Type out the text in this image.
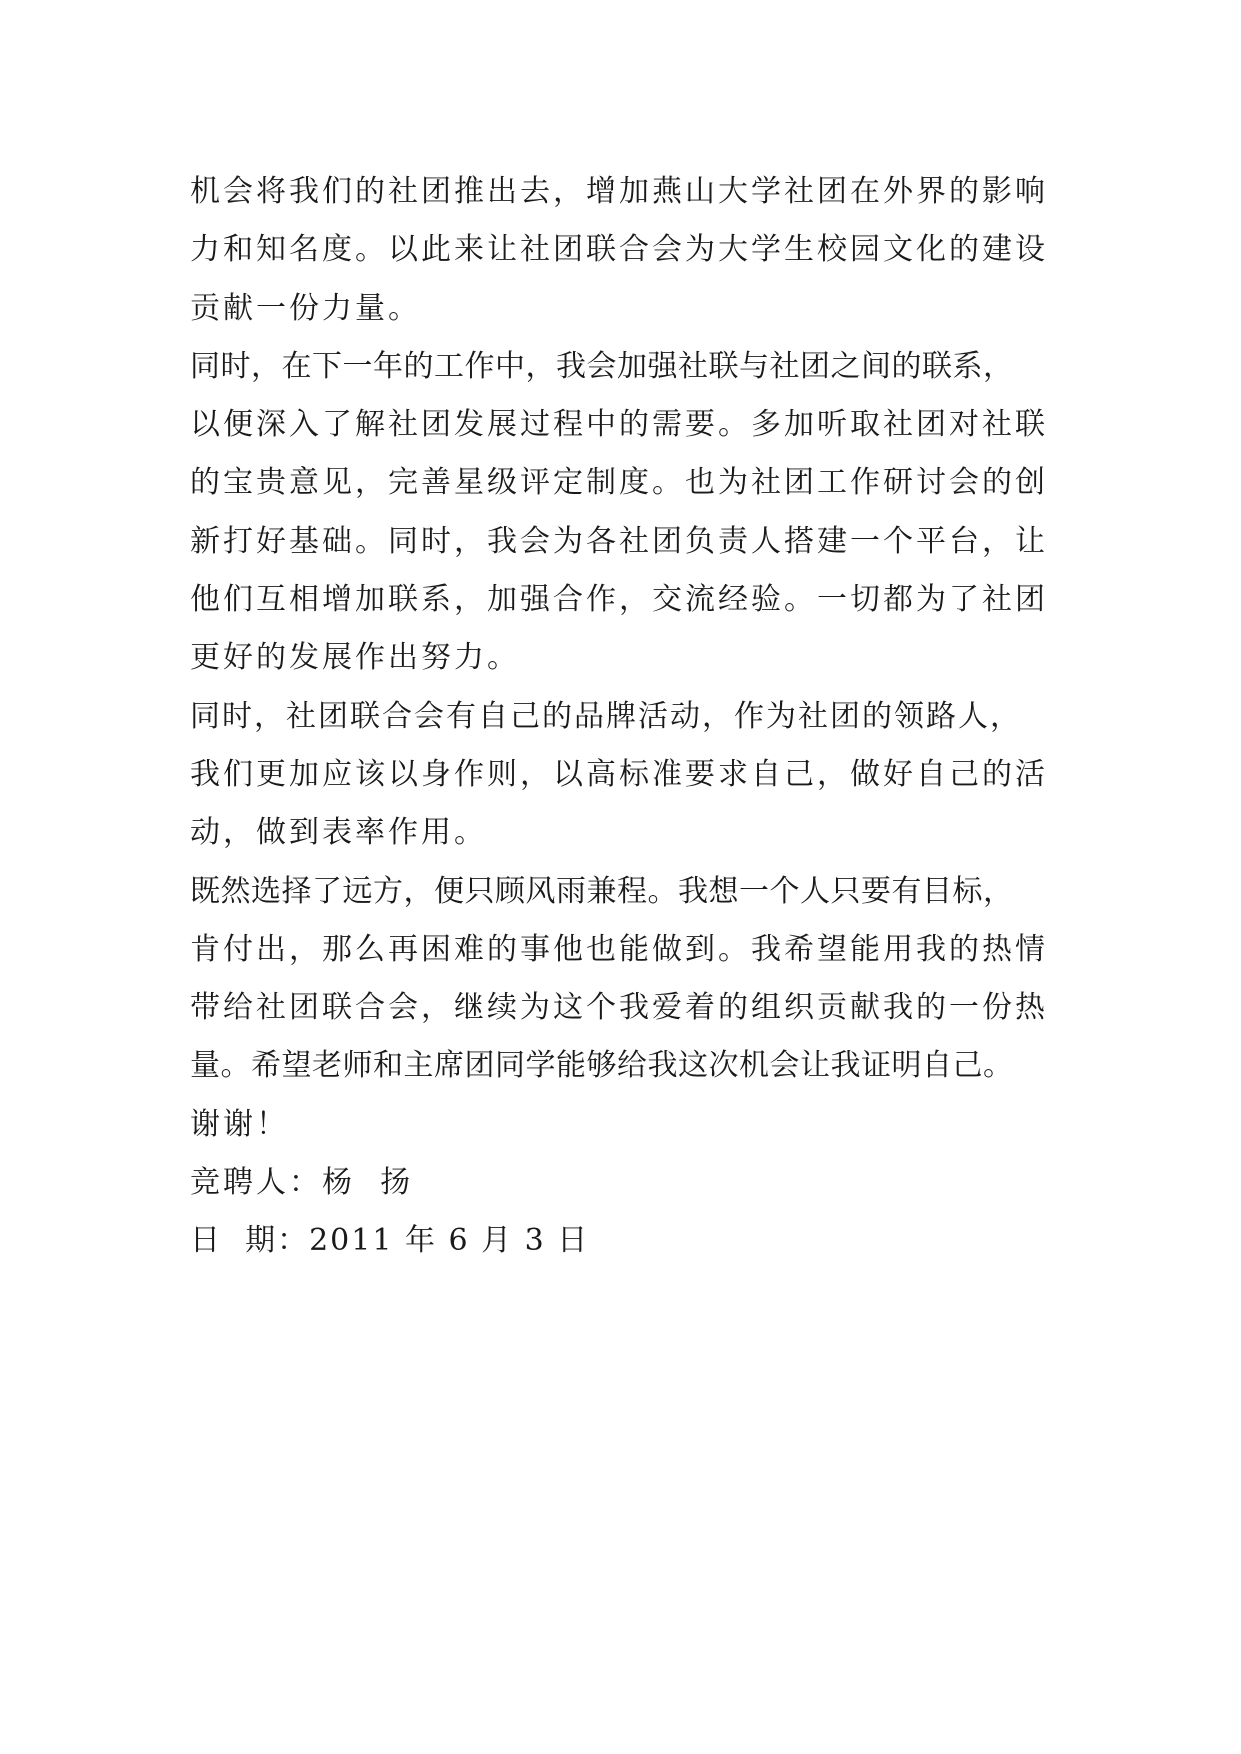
机会将我们的社团推出去，增加燕山大学社团在外界的影响
力和知名度。以此来让社团联合会为大学生校园文化的建设
贡献一份力量。
同时，在下一年的工作中，我会加强社联与社团之间的联系，
以便深入了解社团发展过程中的需要。多加听取社团对社联
的宝贵意见，完善星级评定制度。也为社团工作研讨会的创
新打好基础。同时，我会为各社团负责人搭建一个平台，让
他们互相增加联系，加强合作，交流经验。一切都为了社团
更好的发展作出努力。
同时，社团联合会有自己的品牌活动，作为社团的领路人，
我们更加应该以身作则，以高标准要求自己，做好自己的活
动，做到表率作用。
既然选择了远方，便只顾风雨兼程。我想一个人只要有目标，
肯付出，那么再困难的事他也能做到。我希望能用我的热情
带给社团联合会，继续为这个我爱着的组织贡献我的一份热
量。希望老师和主席团同学能够给我这次机会让我证明自己。
谢谢！
竞聘人：杨  扬
日  期：2011 年 6 月 3 日
